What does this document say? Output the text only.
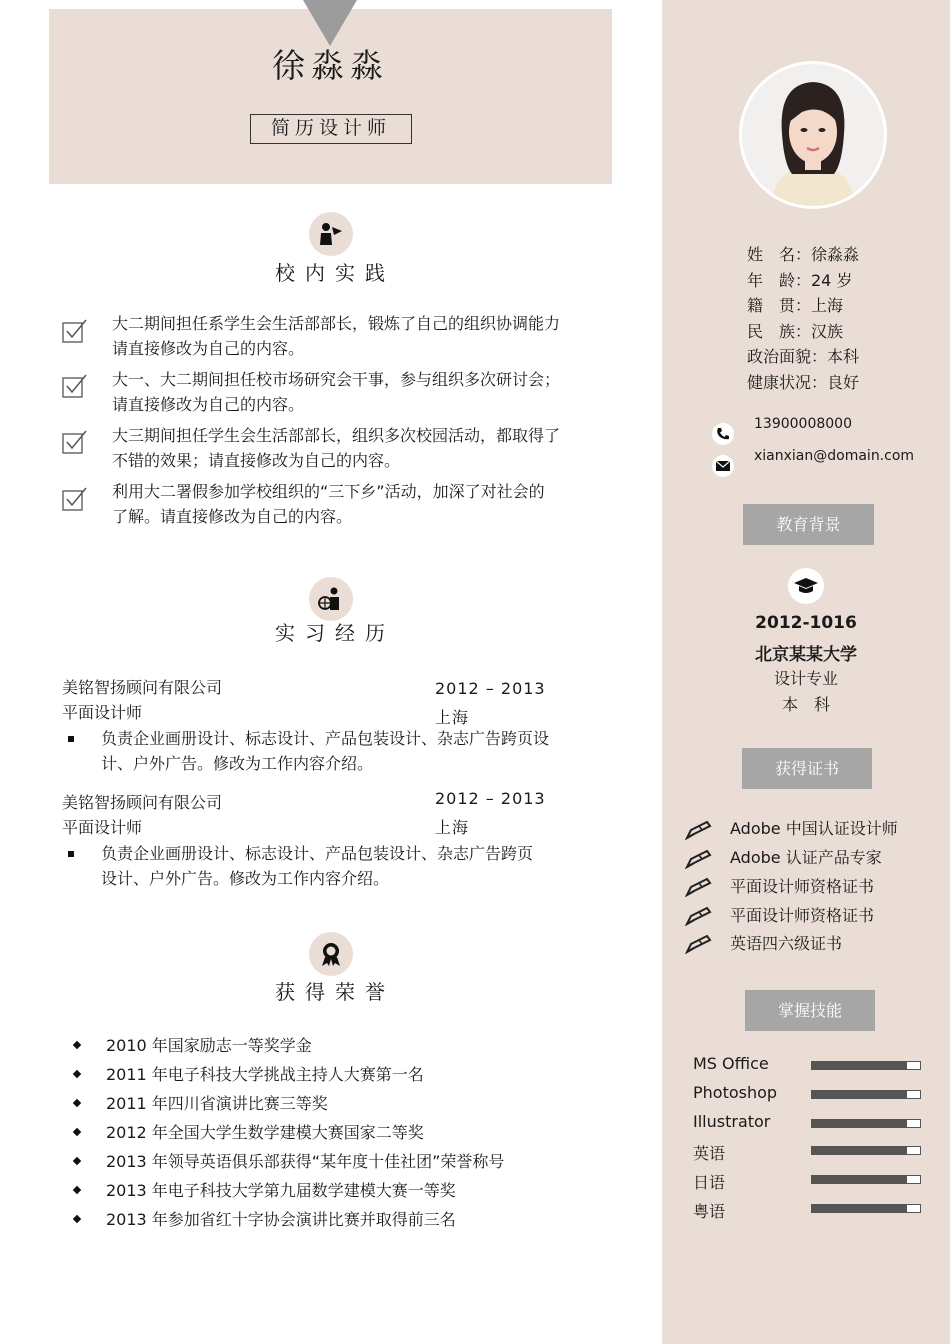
徐淼淼
简历设计师
校内实践
大二期间担任系学生会生活部部长，锻炼了自己的组织协调能力
请直接修改为自己的内容。
大一、大二期间担任校市场研究会干事，参与组织多次研讨会；
请直接修改为自己的内容。
大三期间担任学生会生活部部长，组织多次校园活动，都取得了
不错的效果；请直接修改为自己的内容。
利用大二署假参加学校组织的“三下乡”活动，加深了对社会的
了解。请直接修改为自己的内容。
实习经历
美铭智扬顾问有限公司
平面设计师
2012 – 2013
上海
负责企业画册设计、标志设计、产品包装设计、杂志广告跨页设
计、户外广告。修改为工作内容介绍。
美铭智扬顾问有限公司
平面设计师
2012 – 2013
上海
负责企业画册设计、标志设计、产品包装设计、杂志广告跨页
设计、户外广告。修改为工作内容介绍。
获得荣誉
2010 年国家励志一等奖学金
2011 年电子科技大学挑战主持人大赛第一名
2011 年四川省演讲比赛三等奖
2012 年全国大学生数学建模大赛国家二等奖
2013 年领导英语俱乐部获得“某年度十佳社团”荣誉称号
2013 年电子科技大学第九届数学建模大赛一等奖
2013 年参加省红十字协会演讲比赛并取得前三名
姓　名：徐淼淼
年　龄：24 岁
籍　贯：上海
民　族：汉族
政治面貌：本科
健康状况：良好
13900008000
xianxian@domain.com
教育背景
2012-1016
北京某某大学
设计专业
本　科
获得证书
Adobe 中国认证设计师
Adobe 认证产品专家
平面设计师资格证书
平面设计师资格证书
英语四六级证书
掌握技能
MS Office
Photoshop
Illustrator
英语
日语
粤语
